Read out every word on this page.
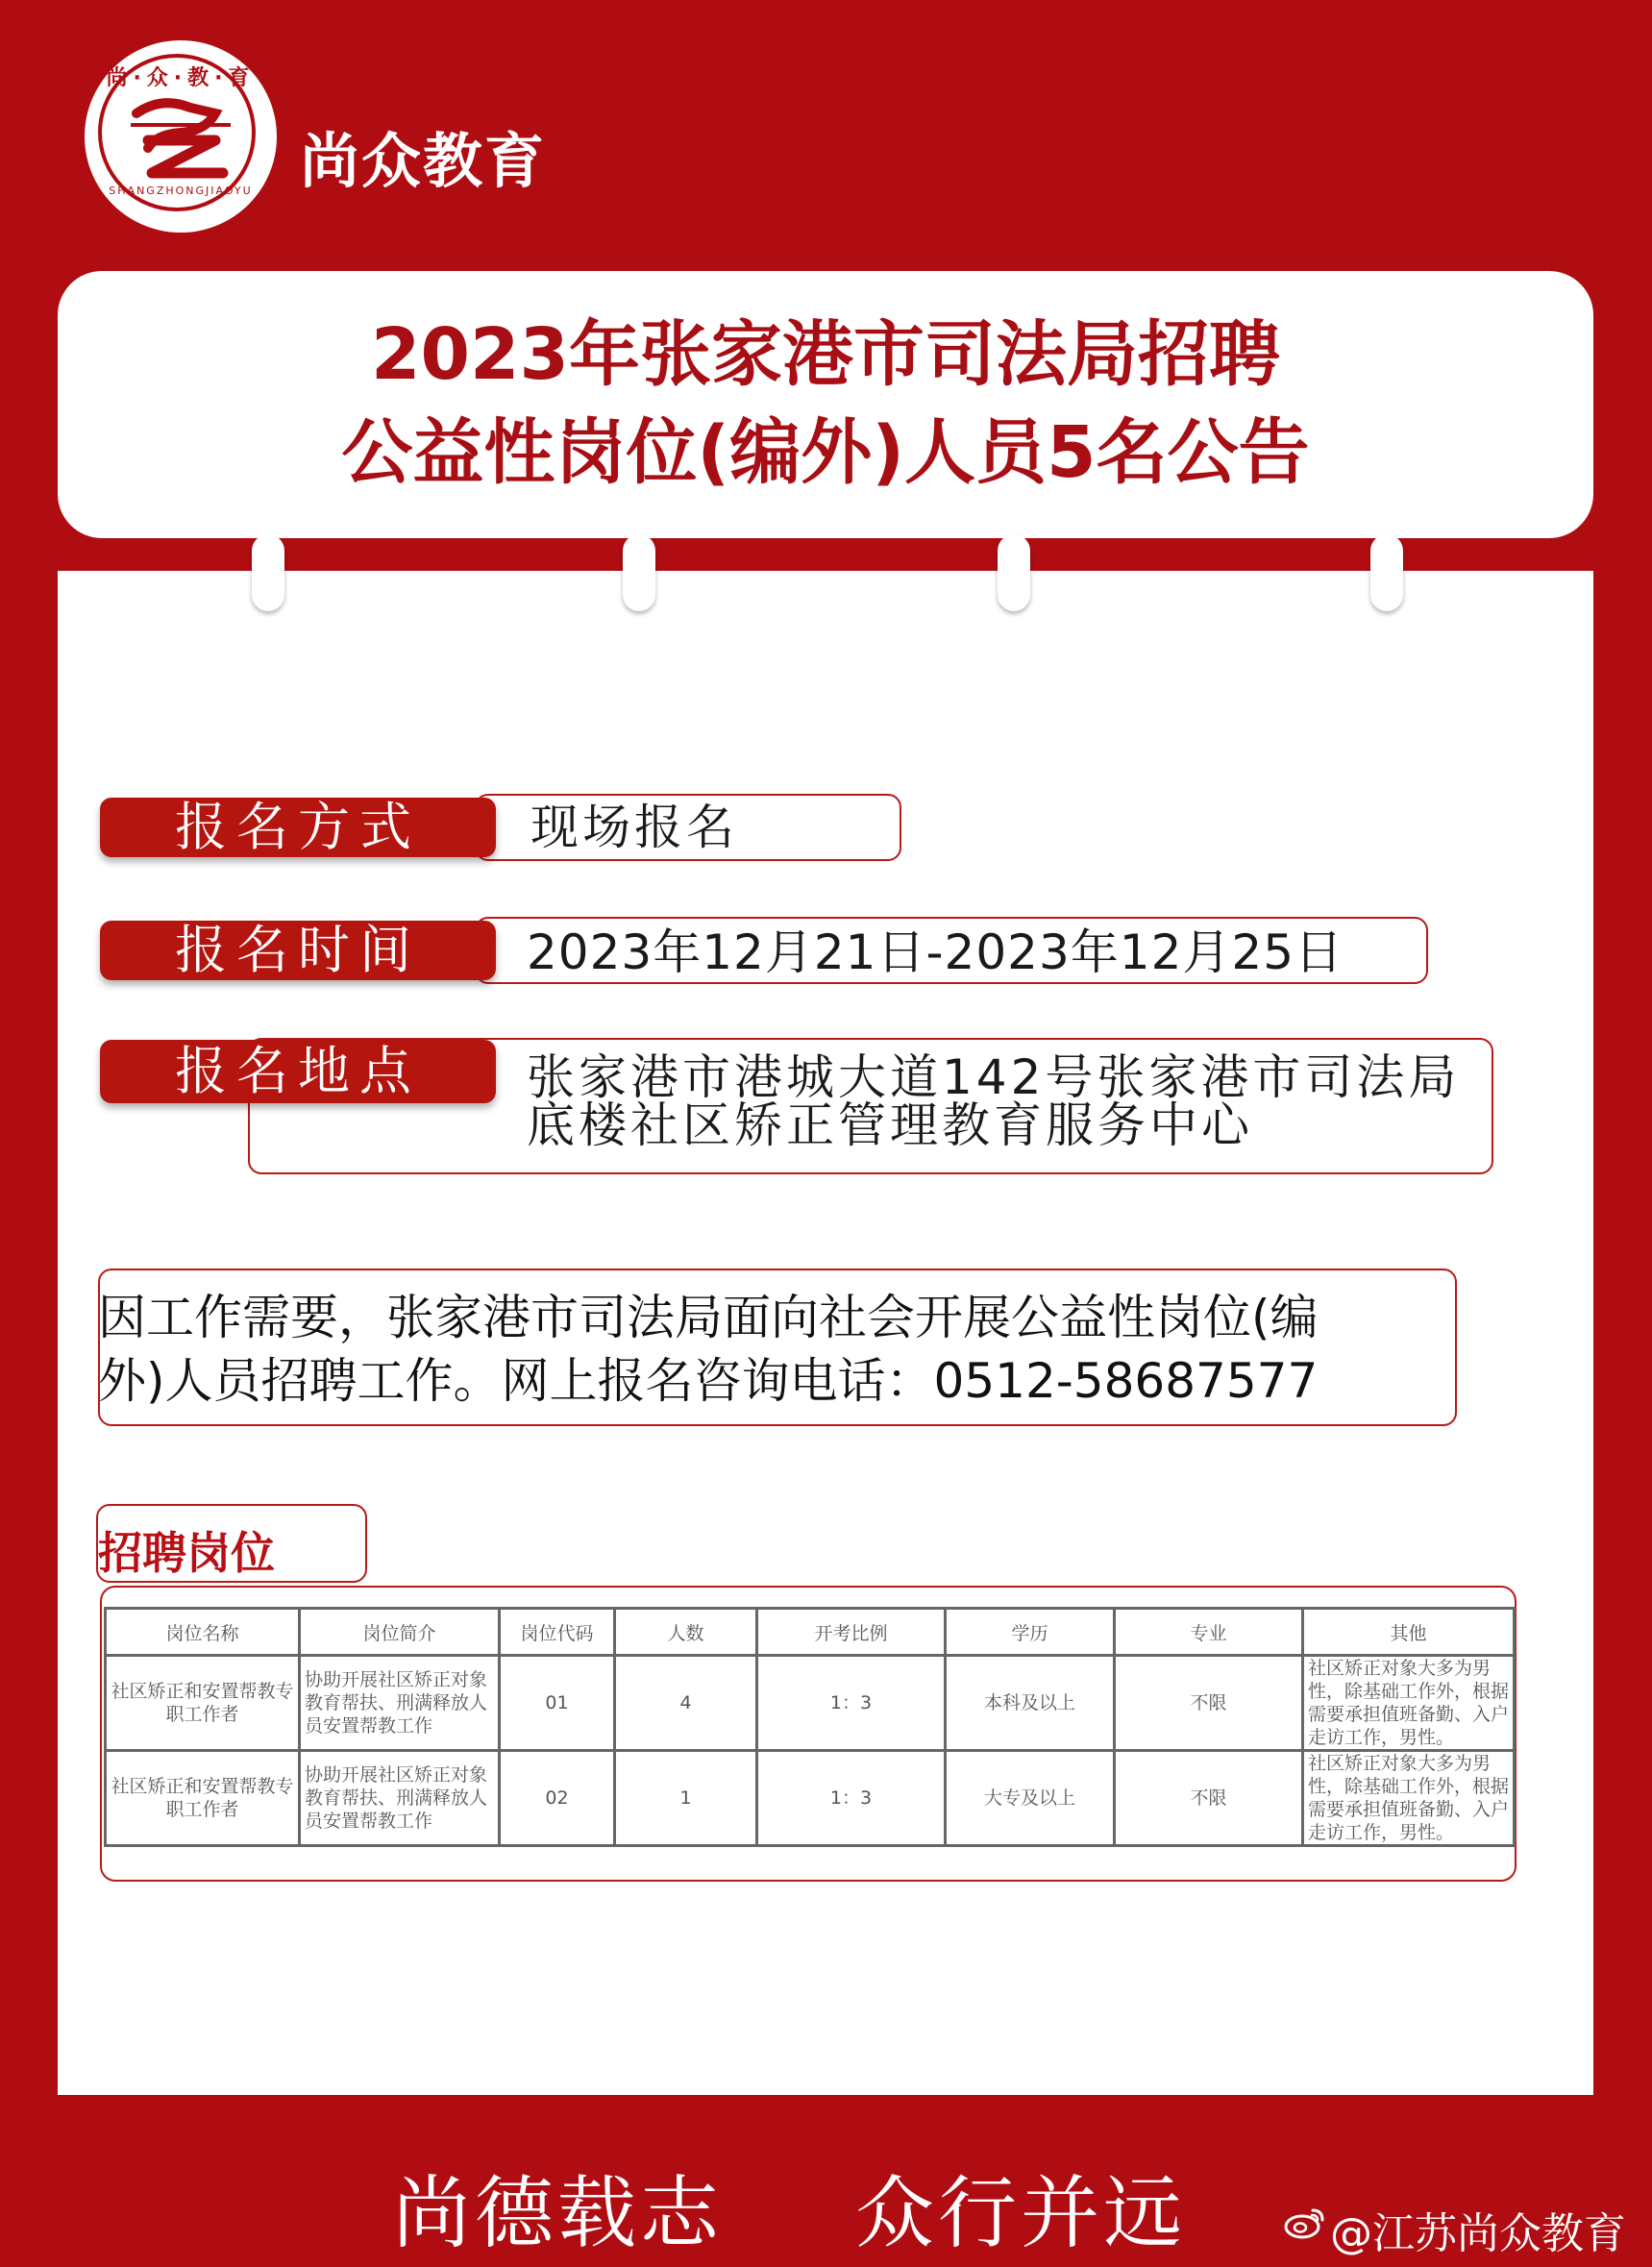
尚·众·教·育
SHANGZHONGJIAOYU 尚众教育
2023年张家港市司法局招聘
公益性岗位(编外)人员5名公告
报名方式	现场报名
报名时间	2023年12月21日-2023年12月25日
报名地点	张家港市港城大道142号张家港市司法局
底楼社区矫正管理教育服务中心
因工作需要，张家港市司法局面向社会开展公益性岗位(编
外)人员招聘工作。网上报名咨询电话：0512-58687577
招聘岗位
岗位名称	岗位简介	岗位代码	人数	开考比例	学历	专业	其他
社区矫正和安置帮教专职工作者	协助开展社区矫正对象教育帮扶、刑满释放人员安置帮教工作	01	4	1：3	本科及以上	不限	社区矫正对象大多为男性，除基础工作外，根据需要承担值班备勤、入户走访工作，男性。
社区矫正和安置帮教专职工作者	协助开展社区矫正对象教育帮扶、刑满释放人员安置帮教工作	02	1	1：3	大专及以上	不限	社区矫正对象大多为男性，除基础工作外，根据需要承担值班备勤、入户走访工作，男性。
尚德载志 众行并远	@江苏尚众教育
